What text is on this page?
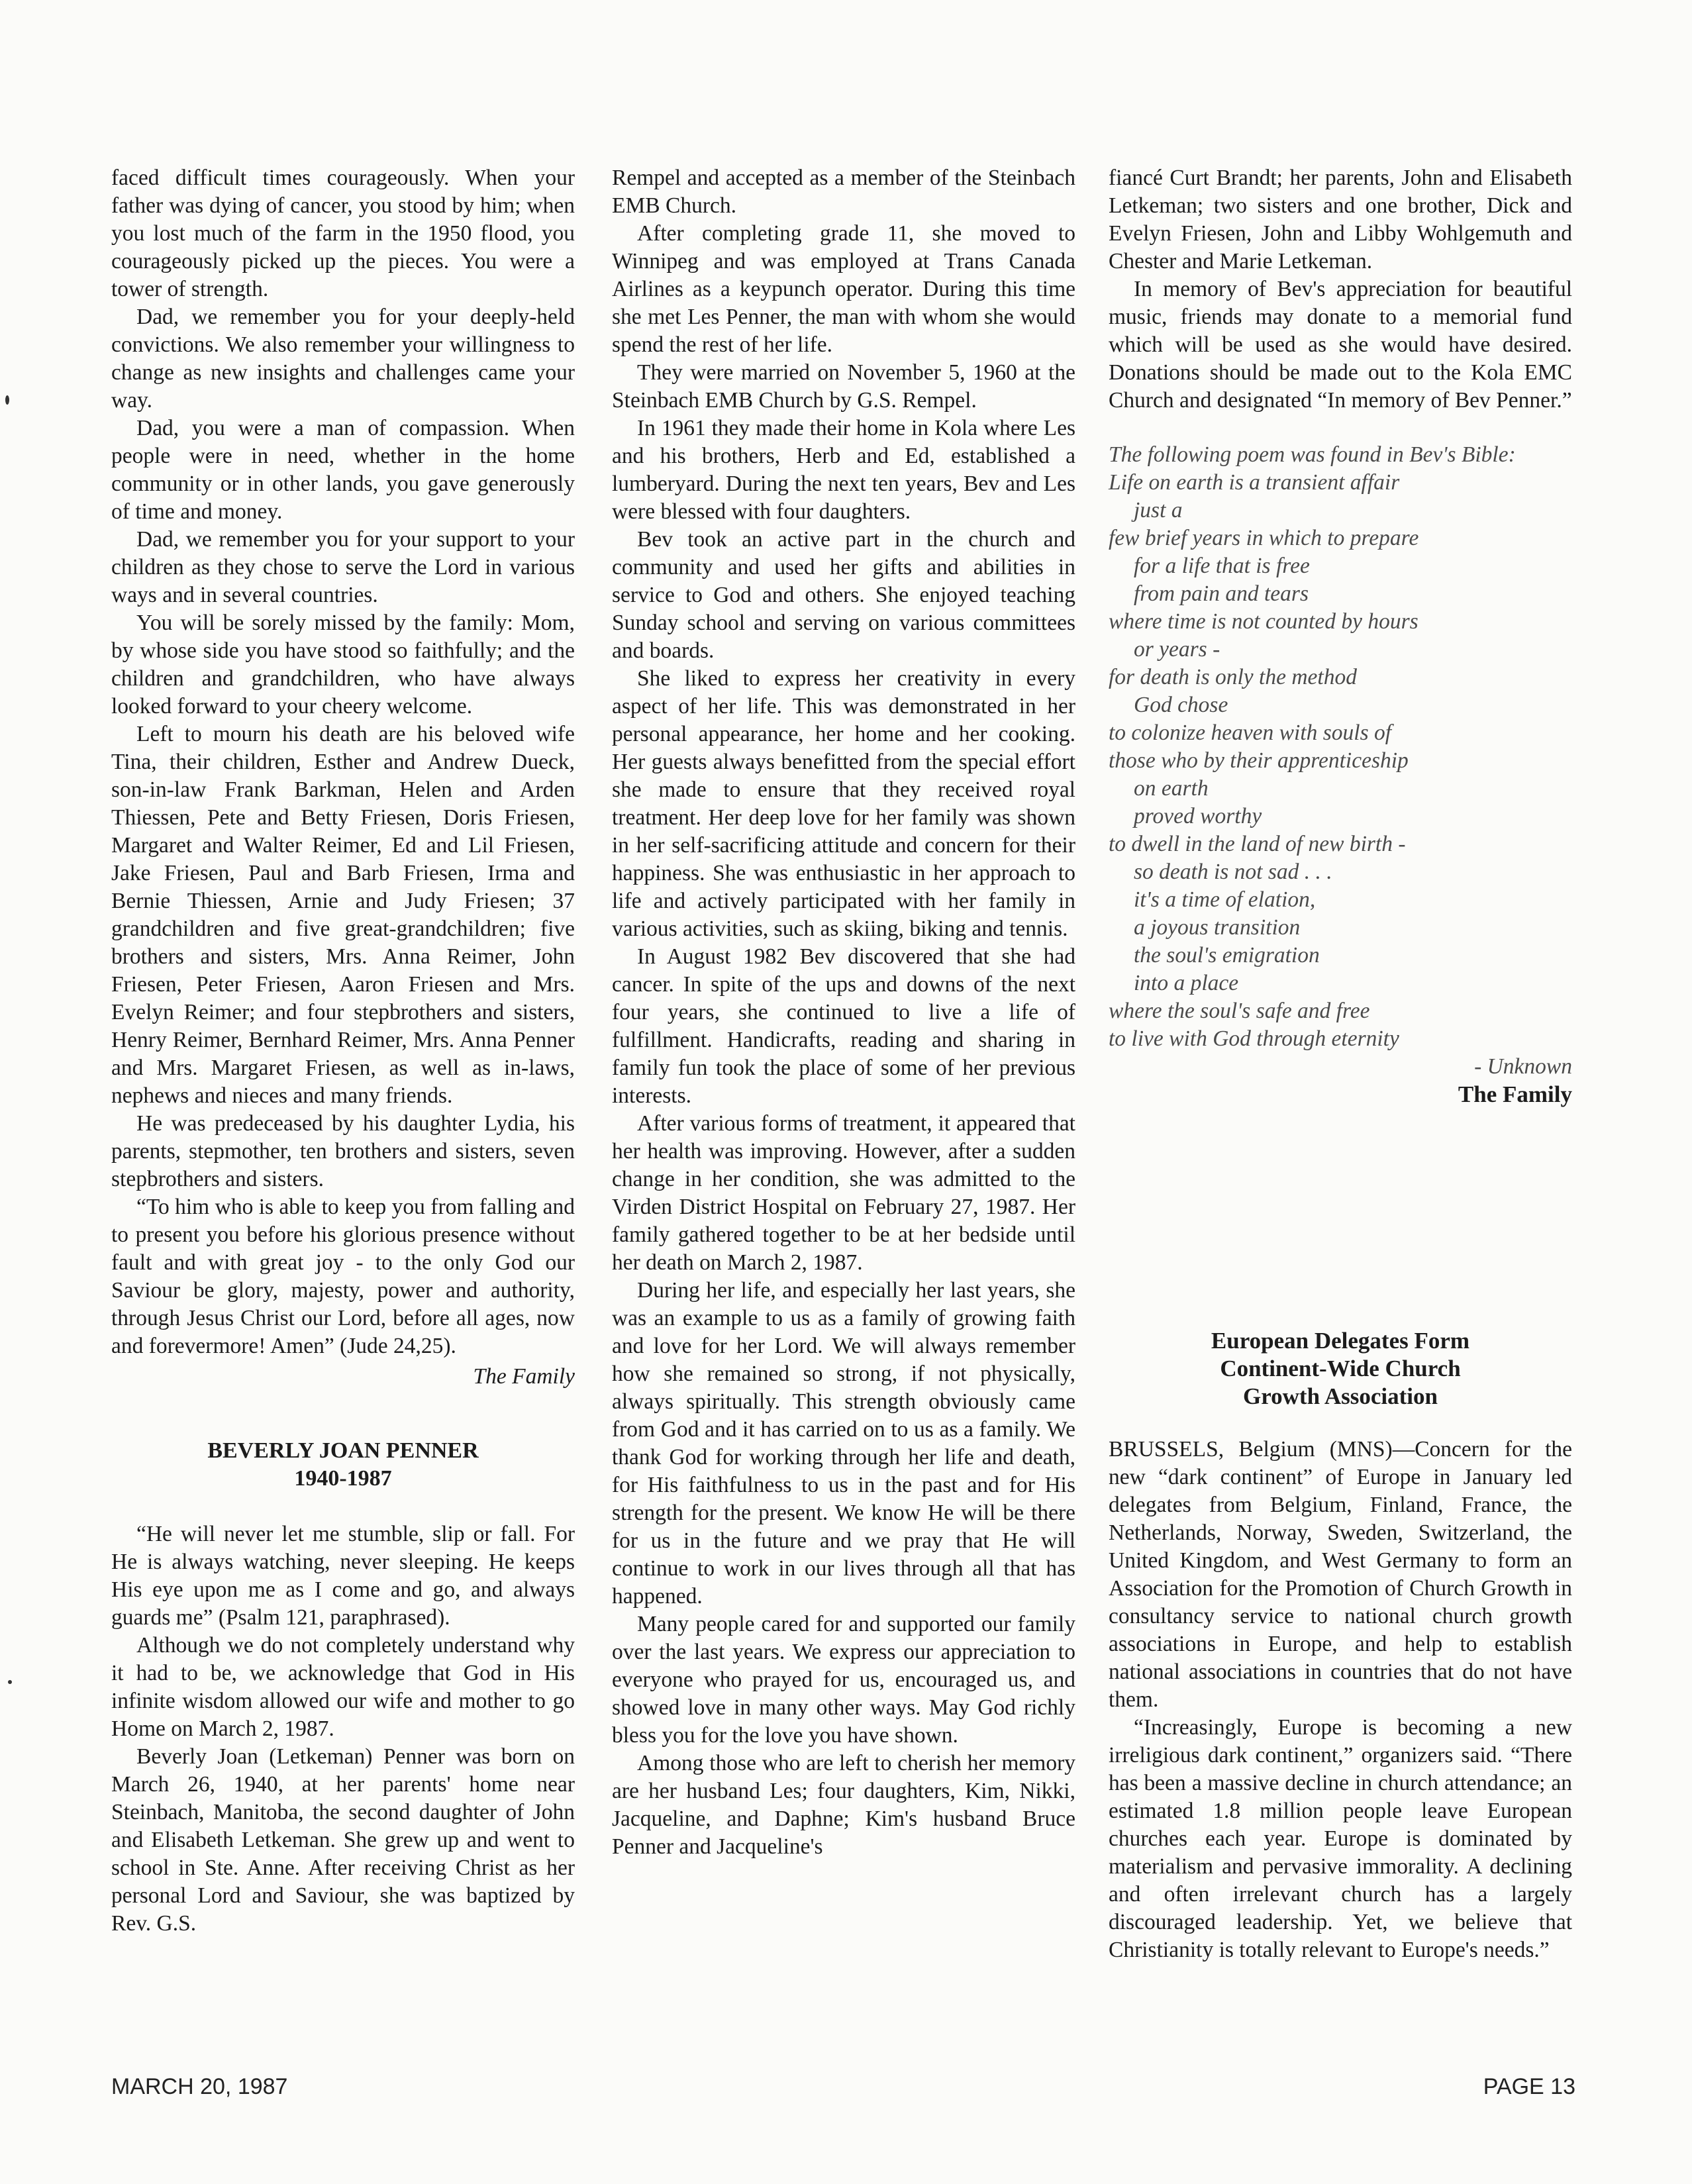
faced difficult times courageously. When your father was dying of cancer, you stood by him; when you lost much of the farm in the 1950 flood, you courageously picked up the pieces. You were a tower of strength.

Dad, we remember you for your deeply-held convictions. We also remember your willingness to change as new insights and challenges came your way.

Dad, you were a man of compassion. When people were in need, whether in the home community or in other lands, you gave generously of time and money.

Dad, we remember you for your support to your children as they chose to serve the Lord in various ways and in several countries.

You will be sorely missed by the family: Mom, by whose side you have stood so faithfully; and the children and grandchildren, who have always looked forward to your cheery welcome.

Left to mourn his death are his beloved wife Tina, their children, Esther and Andrew Dueck, son-in-law Frank Barkman, Helen and Arden Thiessen, Pete and Betty Friesen, Doris Friesen, Margaret and Walter Reimer, Ed and Lil Friesen, Jake Friesen, Paul and Barb Friesen, Irma and Bernie Thiessen, Arnie and Judy Friesen; 37 grandchildren and five great-grandchildren; five brothers and sisters, Mrs. Anna Reimer, John Friesen, Peter Friesen, Aaron Friesen and Mrs. Evelyn Reimer; and four stepbrothers and sisters, Henry Reimer, Bernhard Reimer, Mrs. Anna Penner and Mrs. Margaret Friesen, as well as in-laws, nephews and nieces and many friends.

He was predeceased by his daughter Lydia, his parents, stepmother, ten brothers and sisters, seven stepbrothers and sisters.

“To him who is able to keep you from falling and to present you before his glorious presence without fault and with great joy - to the only God our Saviour be glory, majesty, power and authority, through Jesus Christ our Lord, before all ages, now and forevermore! Amen” (Jude 24,25).

The Family
BEVERLY JOAN PENNER
1940-1987

“He will never let me stumble, slip or fall. For He is always watching, never sleeping. He keeps His eye upon me as I come and go, and always guards me” (Psalm 121, paraphrased).

Although we do not completely understand why it had to be, we acknowledge that God in His infinite wisdom allowed our wife and mother to go Home on March 2, 1987.

Beverly Joan (Letkeman) Penner was born on March 26, 1940, at her parents' home near Steinbach, Manitoba, the second daughter of John and Elisabeth Letkeman. She grew up and went to school in Ste. Anne. After receiving Christ as her personal Lord and Saviour, she was baptized by Rev. G.S.

Rempel and accepted as a member of the Steinbach EMB Church.

After completing grade 11, she moved to Winnipeg and was employed at Trans Canada Airlines as a keypunch operator. During this time she met Les Penner, the man with whom she would spend the rest of her life.

They were married on November 5, 1960 at the Steinbach EMB Church by G.S. Rempel.

In 1961 they made their home in Kola where Les and his brothers, Herb and Ed, established a lumberyard. During the next ten years, Bev and Les were blessed with four daughters.

Bev took an active part in the church and community and used her gifts and abilities in service to God and others. She enjoyed teaching Sunday school and serving on various committees and boards.

She liked to express her creativity in every aspect of her life. This was demonstrated in her personal appearance, her home and her cooking. Her guests always benefitted from the special effort she made to ensure that they received royal treatment. Her deep love for her family was shown in her self-sacrificing attitude and concern for their happiness. She was enthusiastic in her approach to life and actively participated with her family in various activities, such as skiing, biking and tennis.

In August 1982 Bev discovered that she had cancer. In spite of the ups and downs of the next four years, she continued to live a life of fulfillment. Handicrafts, reading and sharing in family fun took the place of some of her previous interests.

After various forms of treatment, it appeared that her health was improving. However, after a sudden change in her condition, she was admitted to the Virden District Hospital on February 27, 1987. Her family gathered together to be at her bedside until her death on March 2, 1987.

During her life, and especially her last years, she was an example to us as a family of growing faith and love for her Lord. We will always remember how she remained so strong, if not physically, always spiritually. This strength obviously came from God and it has carried on to us as a family. We thank God for working through her life and death, for His faithfulness to us in the past and for His strength for the present. We know He will be there for us in the future and we pray that He will continue to work in our lives through all that has happened.

Many people cared for and supported our family over the last years. We express our appreciation to everyone who prayed for us, encouraged us, and showed love in many other ways. May God richly bless you for the love you have shown.

Among those who are left to cherish her memory are her husband Les; four daughters, Kim, Nikki, Jacqueline, and Daphne; Kim's husband Bruce Penner and Jacqueline's

fiancé Curt Brandt; her parents, John and Elisabeth Letkeman; two sisters and one brother, Dick and Evelyn Friesen, John and Libby Wohlgemuth and Chester and Marie Letkeman.

In memory of Bev's appreciation for beautiful music, friends may donate to a memorial fund which will be used as she would have desired. Donations should be made out to the Kola EMC Church and designated “In memory of Bev Penner.”

The following poem was found in Bev's Bible:
Life on earth is a transient affair
just a
few brief years in which to prepare
for a life that is free
from pain and tears
where time is not counted by hours
or years -
for death is only the method
God chose
to colonize heaven with souls of
those who by their apprenticeship
on earth
proved worthy
to dwell in the land of new birth -
so death is not sad . . .
it's a time of elation,
a joyous transition
the soul's emigration
into a place
where the soul's safe and free
to live with God through eternity
- Unknown
The Family
European Delegates Form
Continent-Wide Church
Growth Association

BRUSSELS, Belgium (MNS)—Concern for the new “dark continent” of Europe in January led delegates from Belgium, Finland, France, the Netherlands, Norway, Sweden, Switzerland, the United Kingdom, and West Germany to form an Association for the Promotion of Church Growth in consultancy service to national church growth associations in Europe, and help to establish national associations in countries that do not have them.

“Increasingly, Europe is becoming a new irreligious dark continent,” organizers said. “There has been a massive decline in church attendance; an estimated 1.8 million people leave European churches each year. Europe is dominated by materialism and pervasive immorality. A declining and often irrelevant church has a largely discouraged leadership. Yet, we believe that Christianity is totally relevant to Europe's needs.”

MARCH 20, 1987	PAGE 13
